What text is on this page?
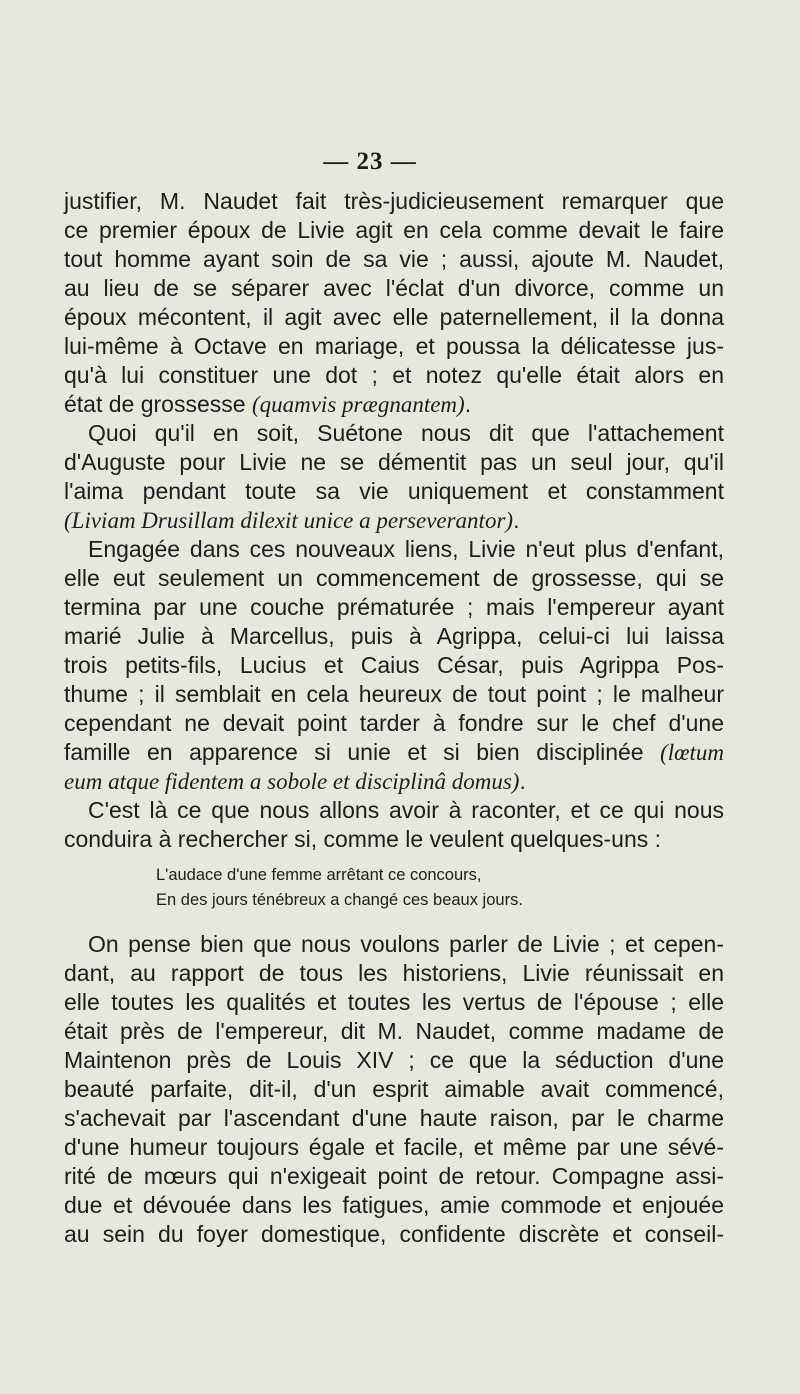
— 23 —
justifier, M. Naudet fait très-judicieusement remarquer que
ce premier époux de Livie agit en cela comme devait le faire
tout homme ayant soin de sa vie ; aussi, ajoute M. Naudet,
au lieu de se séparer avec l'éclat d'un divorce, comme un
époux mécontent, il agit avec elle paternellement, il la donna
lui-même à Octave en mariage, et poussa la délicatesse jus-
qu'à lui constituer une dot ; et notez qu'elle était alors en
état de grossesse (quamvis prægnantem).
Quoi qu'il en soit, Suétone nous dit que l'attachement
d'Auguste pour Livie ne se démentit pas un seul jour, qu'il
l'aima pendant toute sa vie uniquement et constamment
(Liviam Drusillam dilexit unice a perseverantor).
Engagée dans ces nouveaux liens, Livie n'eut plus d'enfant,
elle eut seulement un commencement de grossesse, qui se
termina par une couche prématurée ; mais l'empereur ayant
marié Julie à Marcellus, puis à Agrippa, celui-ci lui laissa
trois petits-fils, Lucius et Caius César, puis Agrippa Pos-
thume ; il semblait en cela heureux de tout point ; le malheur
cependant ne devait point tarder à fondre sur le chef d'une
famille en apparence si unie et si bien disciplinée (lœtum
eum atque fidentem a sobole et disciplinâ domus).
C'est là ce que nous allons avoir à raconter, et ce qui nous
conduira à rechercher si, comme le veulent quelques-uns :
L'audace d'une femme arrêtant ce concours,
En des jours ténébreux a changé ces beaux jours.
On pense bien que nous voulons parler de Livie ; et cepen-
dant, au rapport de tous les historiens, Livie réunissait en
elle toutes les qualités et toutes les vertus de l'épouse ; elle
était près de l'empereur, dit M. Naudet, comme madame de
Maintenon près de Louis XIV ; ce que la séduction d'une
beauté parfaite, dit-il, d'un esprit aimable avait commencé,
s'achevait par l'ascendant d'une haute raison, par le charme
d'une humeur toujours égale et facile, et même par une sévé-
rité de mœurs qui n'exigeait point de retour. Compagne assi-
due et dévouée dans les fatigues, amie commode et enjouée
au sein du foyer domestique, confidente discrète et conseil-
